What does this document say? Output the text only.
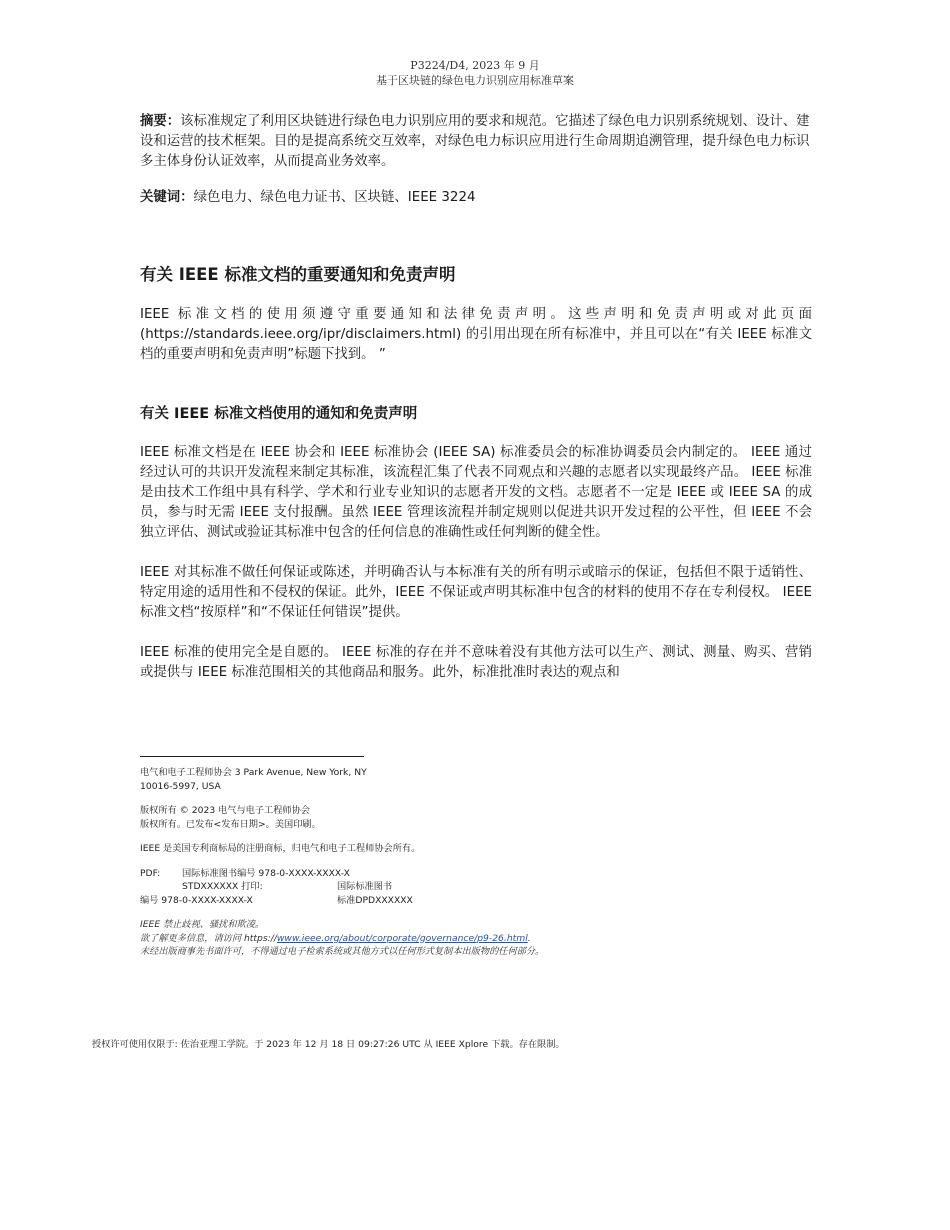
P3224/D4, 2023 年 9 月
基于区块链的绿色电力识别应用标准草案

摘要：该标准规定了利用区块链进行绿色电力识别应用的要求和规范。它描述了绿色电力识别系统规划、设计、建设和运营的技术框架。目的是提高系统交互效率，对绿色电力标识应用进行生命周期追溯管理，提升绿色电力标识多主体身份认证效率，从而提高业务效率。

关键词：绿色电力、绿色电力证书、区块链、IEEE 3224

有关 IEEE 标准文档的重要通知和免责声明

IEEE 标准文档的使用须遵守重要通知和法律免责声明。这些声明和免责声明或对此页面(https://standards.ieee.org/ipr/disclaimers.html) 的引用出现在所有标准中，并且可以在“有关 IEEE 标准文档的重要声明和免责声明”标题下找到。 ”

有关 IEEE 标准文档使用的通知和免责声明

IEEE 标准文档是在 IEEE 协会和 IEEE 标准协会 (IEEE SA) 标准委员会的标准协调委员会内制定的。 IEEE 通过经过认可的共识开发流程来制定其标准，该流程汇集了代表不同观点和兴趣的志愿者以实现最终产品。 IEEE 标准是由技术工作组中具有科学、学术和行业专业知识的志愿者开发的文档。志愿者不一定是 IEEE 或 IEEE SA 的成员，参与时无需 IEEE 支付报酬。虽然 IEEE 管理该流程并制定规则以促进共识开发过程的公平性，但 IEEE 不会独立评估、测试或验证其标准中包含的任何信息的准确性或任何判断的健全性。

IEEE 对其标准不做任何保证或陈述，并明确否认与本标准有关的所有明示或暗示的保证，包括但不限于适销性、特定用途的适用性和不侵权的保证。此外，IEEE 不保证或声明其标准中包含的材料的使用不存在专利侵权。 IEEE 标准文档“按原样”和“不保证任何错误”提供。

IEEE 标准的使用完全是自愿的。 IEEE 标准的存在并不意味着没有其他方法可以生产、测试、测量、购买、营销或提供与 IEEE 标准范围相关的其他商品和服务。此外，标准批准时表达的观点和

电气和电子工程师协会 3 Park Avenue, New York, NY
10016-5997, USA
版权所有 © 2023 电气与电子工程师协会
版权所有。已发布<发布日期>。美国印刷。
IEEE 是美国专利商标局的注册商标，归电气和电子工程师协会所有。
PDF:	国际标准图书编号 978-0-XXXX-XXXX-X
STDXXXXXX 打印:	国际标准图书
编号 978-0-XXXX-XXXX-X	标准DPDXXXXXX
IEEE 禁止歧视、骚扰和欺凌。
欲了解更多信息，请访问 https://www.ieee.org/about/corporate/governance/p9-26.html.
未经出版商事先书面许可，不得通过电子检索系统或其他方式以任何形式复制本出版物的任何部分。
授权许可使用仅限于: 佐治亚理工学院。于 2023 年 12 月 18 日 09:27:26 UTC 从 IEEE Xplore 下载。存在限制。
